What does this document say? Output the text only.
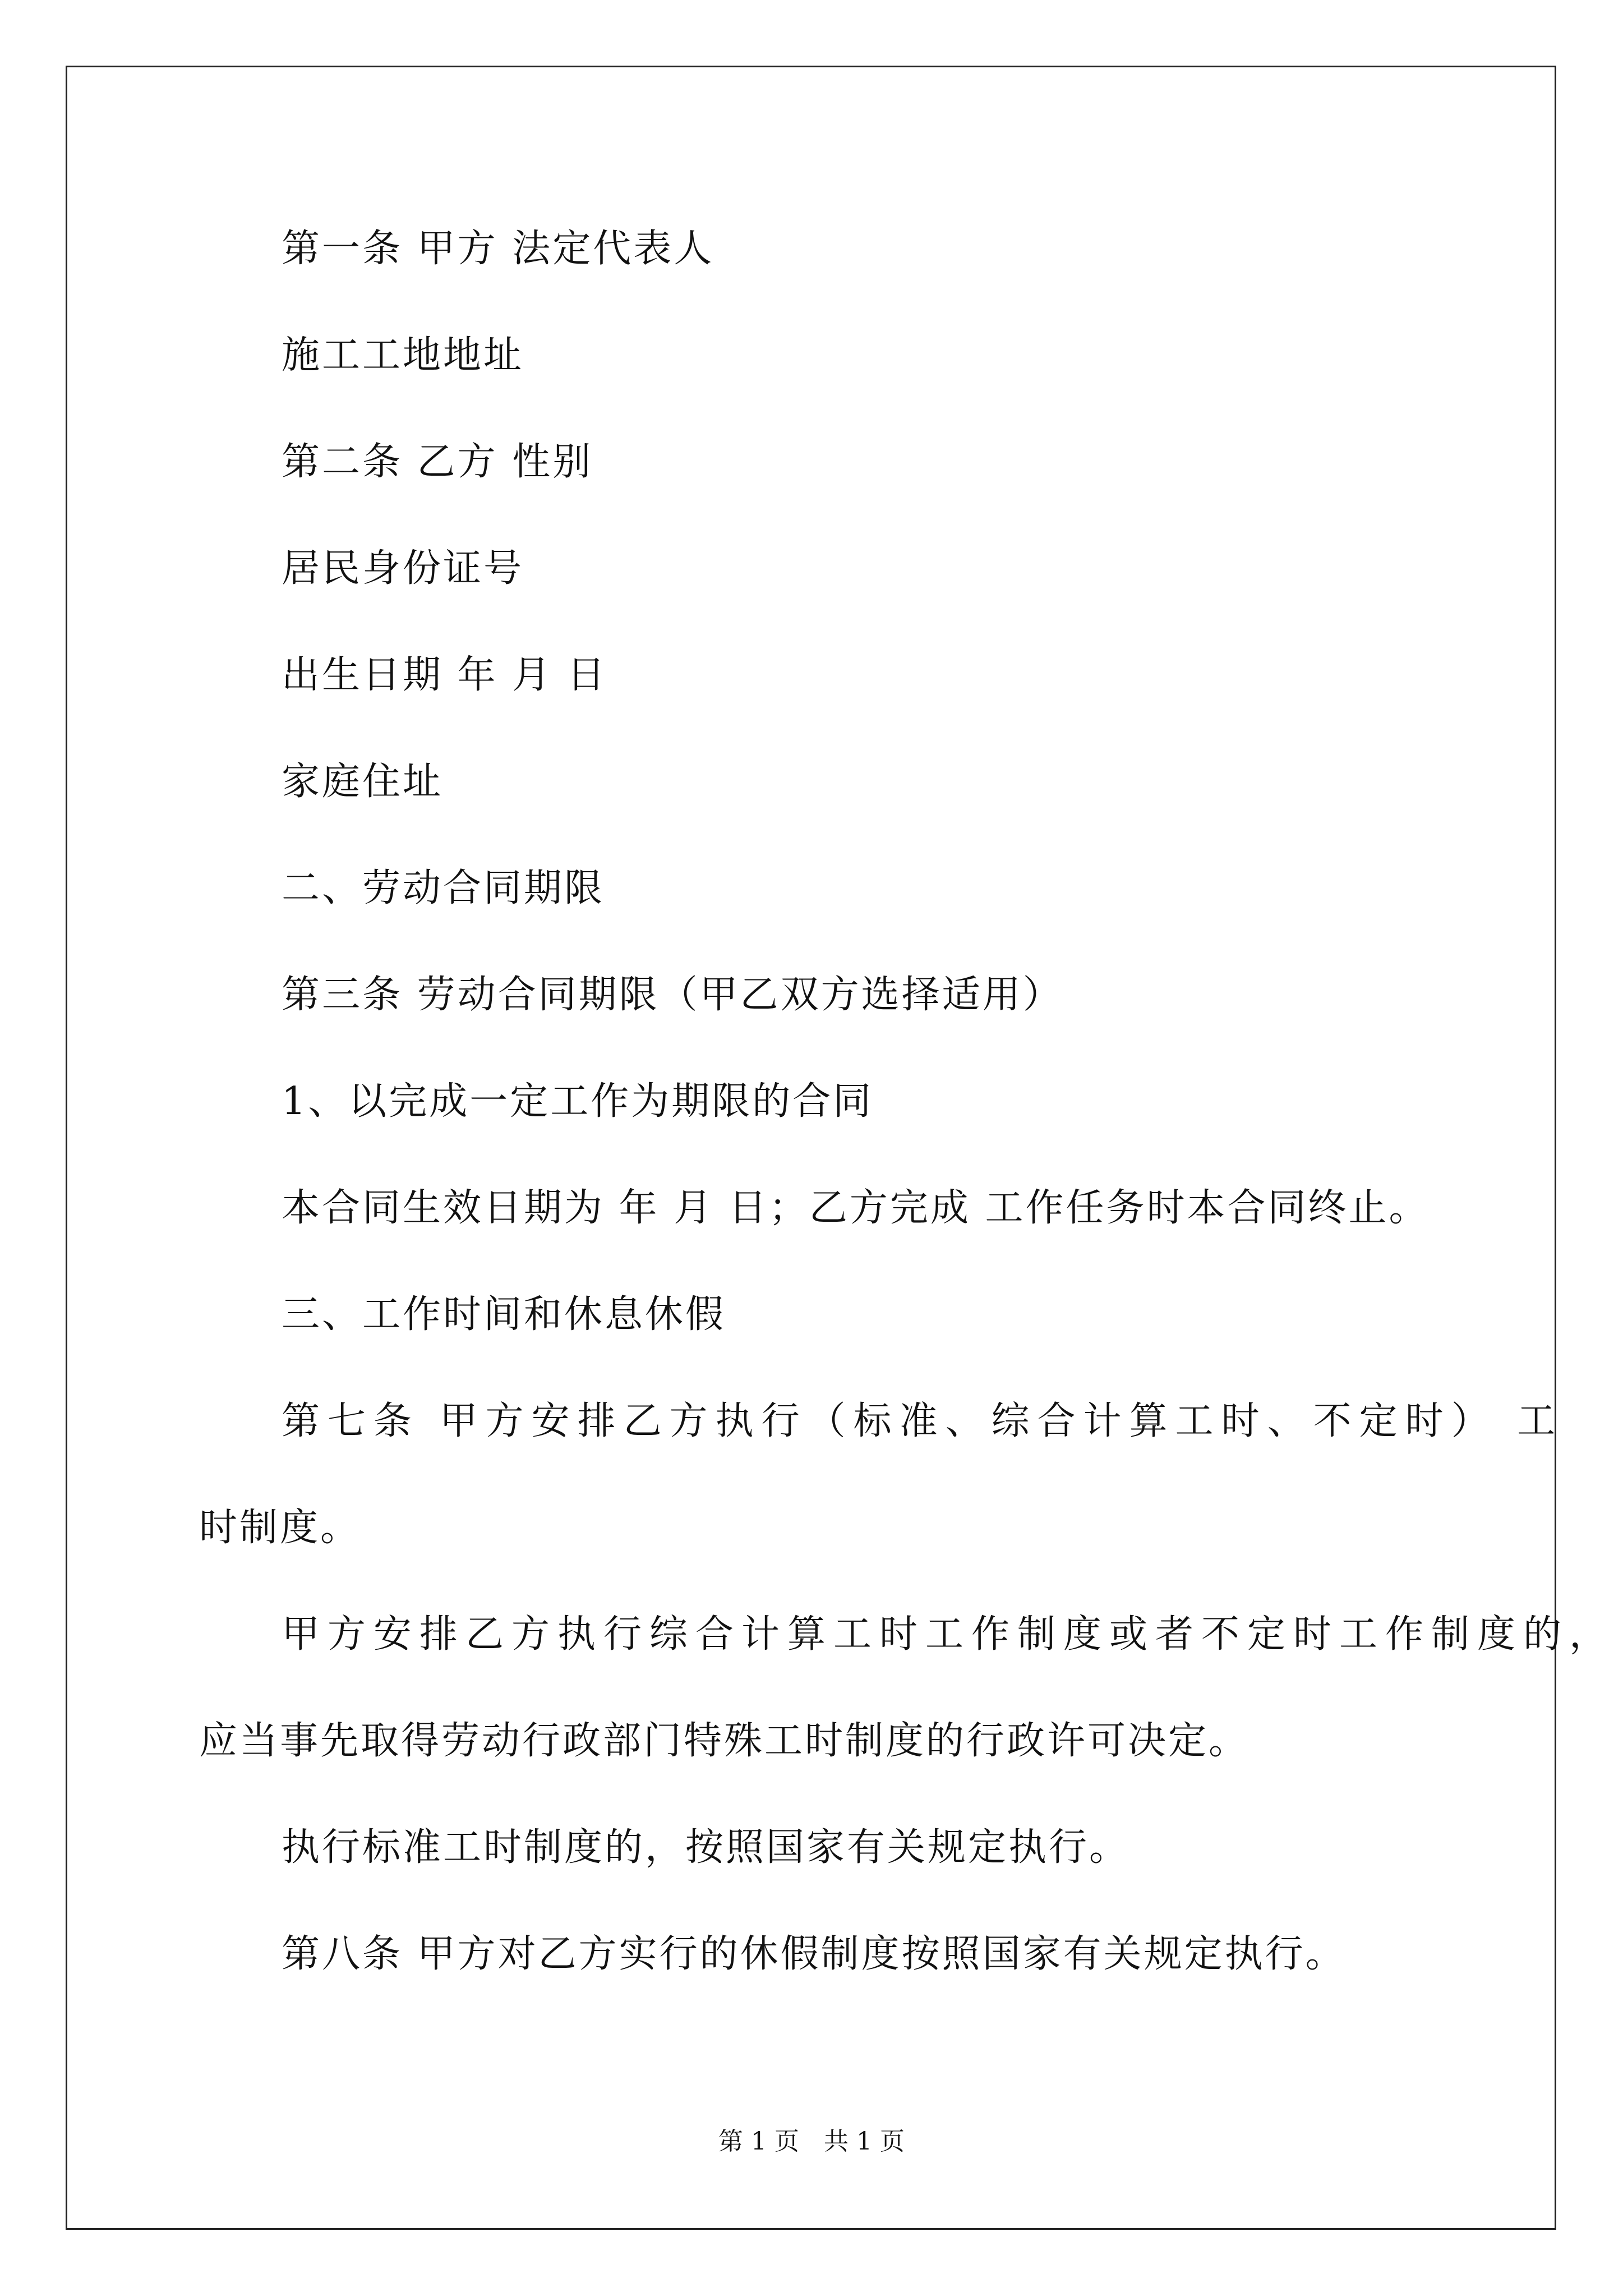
第一条 甲方 法定代表人
施工工地地址
第二条 乙方 性别
居民身份证号
出生日期 年 月 日
家庭住址
二、劳动合同期限
第三条 劳动合同期限（甲乙双方选择适用）
1、以完成一定工作为期限的合同
本合同生效日期为 年 月 日；乙方完成 工作任务时本合同终止。
三、工作时间和休息休假
第七条 甲方安排乙方执行（标准、综合计算工时、不定时） 工
时制度。
甲方安排乙方执行综合计算工时工作制度或者不定时工作制度的，
应当事先取得劳动行政部门特殊工时制度的行政许可决定。
执行标准工时制度的，按照国家有关规定执行。
第八条 甲方对乙方实行的休假制度按照国家有关规定执行。
第 1 页　共 1 页
